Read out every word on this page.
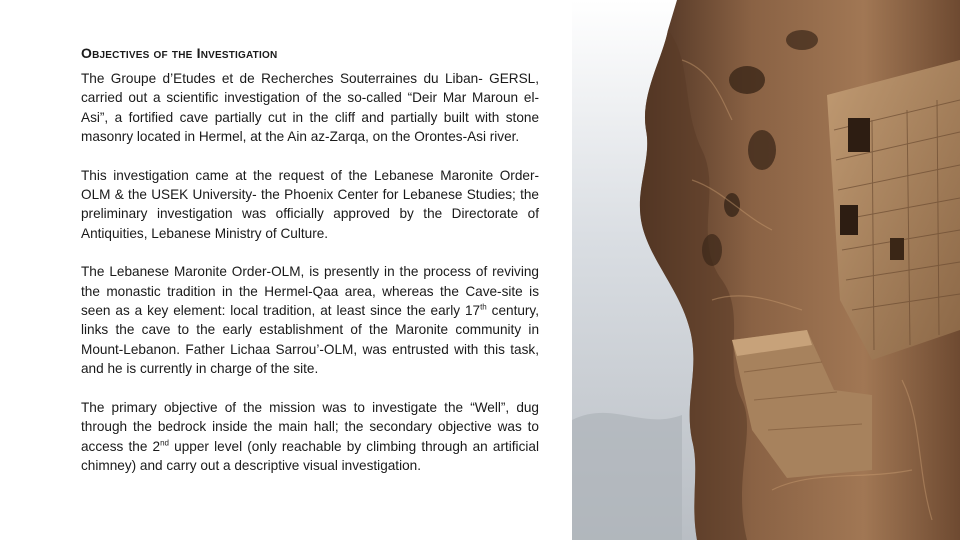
Objectives of the Investigation

The Groupe d’Etudes et de Recherches Souterraines du Liban- GERSL, carried out a scientific investigation of the so-called “Deir Mar Maroun el-Asi”, a fortified cave partially cut in the cliff and partially built with stone masonry located in Hermel, at the Ain az-Zarqa, on the Orontes-Asi river.

This investigation came at the request of the Lebanese Maronite Order-OLM & the USEK University- the Phoenix Center for Lebanese Studies; the preliminary investigation was officially approved by the Directorate of Antiquities, Lebanese Ministry of Culture.

The Lebanese Maronite Order-OLM, is presently in the process of reviving the monastic tradition in the Hermel-Qaa area, whereas the Cave-site is seen as a key element: local tradition, at least since the early 17th century, links the cave to the early establishment of the Maronite community in Mount-Lebanon. Father Lichaa Sarrou’-OLM, was entrusted with this task, and he is currently in charge of the site.

The primary objective of the mission was to investigate the “Well”, dug through the bedrock inside the main hall; the secondary objective was to access the 2nd upper level (only reachable by climbing through an artificial chimney) and carry out a descriptive visual investigation.
